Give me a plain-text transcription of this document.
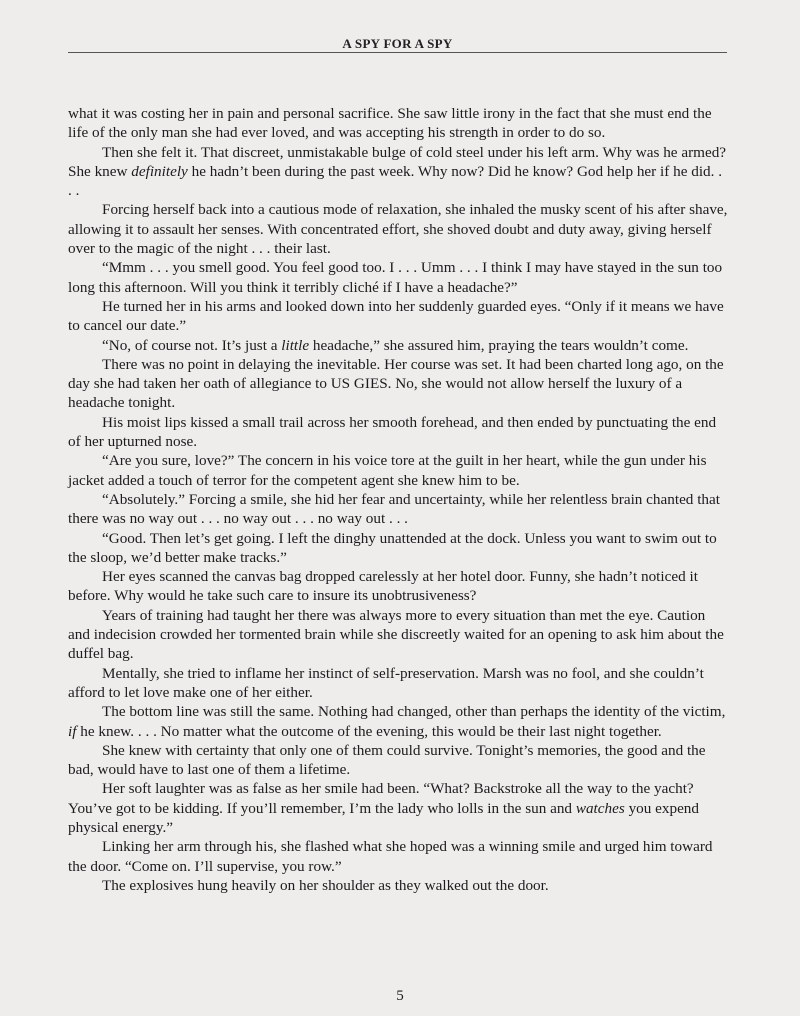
A SPY FOR A SPY

what it was costing her in pain and personal sacrifice. She saw little irony in the fact that she must end the life of the only man she had ever loved, and was accepting his strength in order to do so.

Then she felt it. That discreet, unmistakable bulge of cold steel under his left arm. Why was he armed? She knew definitely he hadn’t been during the past week. Why now? Did he know? God help her if he did. . . .

Forcing herself back into a cautious mode of relaxation, she inhaled the musky scent of his after shave, allowing it to assault her senses. With concentrated effort, she shoved doubt and duty away, giving herself over to the magic of the night . . . their last.

“Mmm . . . you smell good. You feel good too. I . . . Umm . . . I think I may have stayed in the sun too long this afternoon. Will you think it terribly cliché if I have a headache?”

He turned her in his arms and looked down into her suddenly guarded eyes. “Only if it means we have to cancel our date.”

“No, of course not. It’s just a little headache,” she assured him, praying the tears wouldn’t come.

There was no point in delaying the inevitable. Her course was set. It had been charted long ago, on the day she had taken her oath of allegiance to US GIES. No, she would not allow herself the luxury of a headache tonight.

His moist lips kissed a small trail across her smooth forehead, and then ended by punctuating the end of her upturned nose.

“Are you sure, love?” The concern in his voice tore at the guilt in her heart, while the gun under his jacket added a touch of terror for the competent agent she knew him to be.

“Absolutely.” Forcing a smile, she hid her fear and uncertainty, while her relentless brain chanted that there was no way out . . . no way out . . . no way out . . .

“Good. Then let’s get going. I left the dinghy unattended at the dock. Unless you want to swim out to the sloop, we’d better make tracks.”

Her eyes scanned the canvas bag dropped carelessly at her hotel door. Funny, she hadn’t noticed it before. Why would he take such care to insure its unobtrusiveness?

Years of training had taught her there was always more to every situation than met the eye. Caution and indecision crowded her tormented brain while she discreetly waited for an opening to ask him about the duffel bag.

Mentally, she tried to inflame her instinct of self-preservation. Marsh was no fool, and she couldn’t afford to let love make one of her either.

The bottom line was still the same. Nothing had changed, other than perhaps the identity of the victim, if he knew. . . . No matter what the outcome of the evening, this would be their last night together.

She knew with certainty that only one of them could survive. Tonight’s memories, the good and the bad, would have to last one of them a lifetime.

Her soft laughter was as false as her smile had been. “What? Backstroke all the way to the yacht? You’ve got to be kidding. If you’ll remember, I’m the lady who lolls in the sun and watches you expend physical energy.”

Linking her arm through his, she flashed what she hoped was a winning smile and urged him toward the door. “Come on. I’ll supervise, you row.”

The explosives hung heavily on her shoulder as they walked out the door.

5
